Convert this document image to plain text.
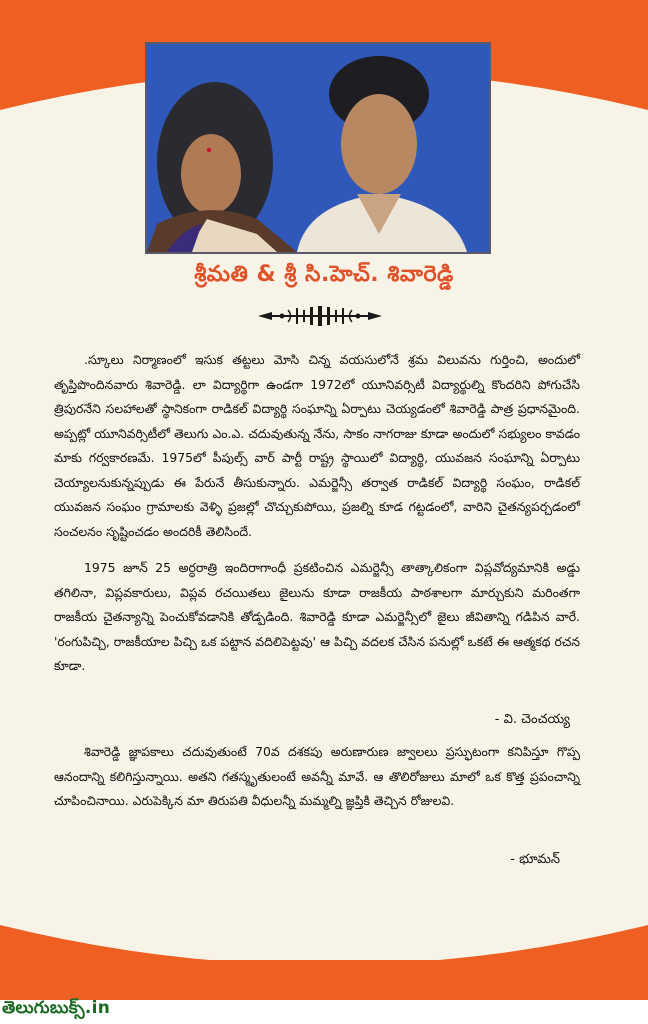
శ్రీమతి & శ్రీ సి.హెచ్. శివారెడ్డి

.స్కూలు నిర్మాణంలో ఇసుక తట్టలు మోసి చిన్న వయసులోనే శ్రమ విలువను గుర్తించి, అందులో తృప్తిపొందినవారు శివారెడ్డి. లా విద్యార్థిగా ఉండగా 1972లో యూనివర్సిటీ విద్యార్థుల్ని కొందరిని పోగుచేసి త్రిపురనేని సలహాలతో స్థానికంగా రాడికల్ విద్యార్థి సంఘాన్ని ఏర్పాటు చెయ్యడంలో శివారెడ్డి పాత్ర ప్రధానమైంది. అప్పట్లో యూనివర్సిటీలో తెలుగు ఎం.ఎ. చదువుతున్న నేను, సాకం నాగరాజు కూడా అందులో సభ్యులం కావడం మాకు గర్వకారణమే. 1975లో పీపుల్స్ వార్ పార్టీ రాష్ట్ర స్థాయిలో విద్యార్థి, యువజన సంఘాన్ని ఏర్పాటు చెయ్యాలనుకున్నప్పుడు ఈ పేరునే తీసుకున్నారు. ఎమర్జెన్సీ తర్వాత రాడికల్ విద్యార్థి సంఘం, రాడికల్ యువజన సంఘం గ్రామాలకు వెళ్ళి ప్రజల్లో చొచ్చుకుపోయి, ప్రజల్ని కూడ గట్టడంలో, వారిని చైతన్యపర్చడంలో సంచలనం సృష్టించడం అందరికీ తెలిసిందే.

1975 జూన్ 25 అర్ధరాత్రి ఇందిరాగాంధీ ప్రకటించిన ఎమర్జెన్సీ తాత్కాలికంగా విప్లవోద్యమానికి అడ్డు తగిలినా, విప్లవకారులు, విప్లవ రచయితలు జైలును కూడా రాజకీయ పాఠశాలగా మార్చుకుని మరింతగా రాజకీయ చైతన్యాన్ని పెంచుకోవడానికి తోడ్పడింది. శివారెడ్డి కూడా ఎమర్జెన్సీలో జైలు జీవితాన్ని గడిపిన వారే. 'రంగుపిచ్చి, రాజకీయాల పిచ్చి ఒక పట్టాన వదిలిపెట్టవు' ఆ పిచ్చి వదలక చేసిన పనుల్లో ఒకటే ఈ ఆత్మకథ రచన కూడా.

- వి. చెంచయ్య

శివారెడ్డి జ్ఞాపకాలు చదువుతుంటే 70వ దశకపు అరుణారుణ జ్వాలలు ప్రస్ఫుటంగా కనిపిస్తూ గొప్ప ఆనందాన్ని కలిగిస్తున్నాయి. అతని గతస్మృతులంటే అవన్నీ మావే. ఆ తొలిరోజులు మాలో ఒక కొత్త ప్రపంచాన్ని చూపించినాయి. ఎరుపెక్కిన మా తిరుపతి వీధులన్నీ మమ్మల్ని జ్ఞప్తికి తెచ్చిన రోజులవి.

- భూమన్
తెలుగుబుక్స్.in
